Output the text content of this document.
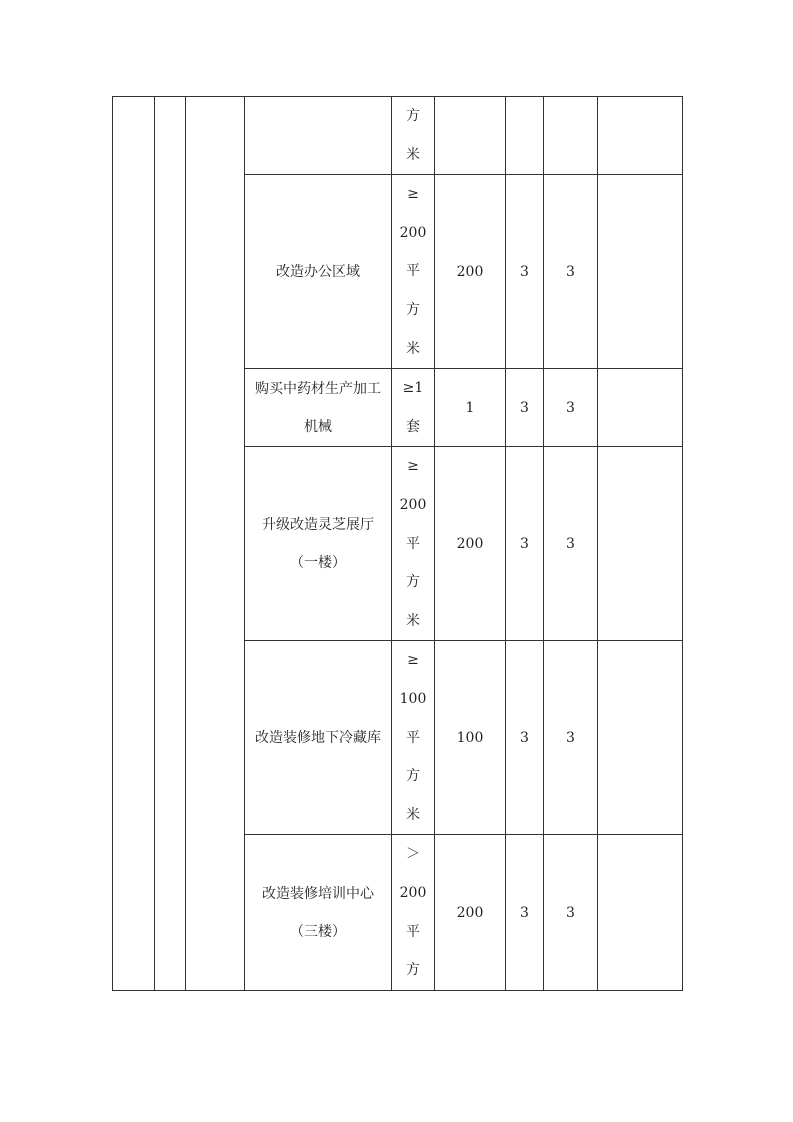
				方
米				

			改造办公区域	≥
200
平
方
米	200	3	3	

			购买中药材生产加工
机械	≥1
套	1	3	3	

			升级改造灵芝展厅
（一楼）	≥
200
平
方
米	200	3	3	

			改造装修地下冷藏库	≥
100
平
方
米	100	3	3	

			改造装修培训中心
（三楼）	＞
200
平
方	200	3	3	
